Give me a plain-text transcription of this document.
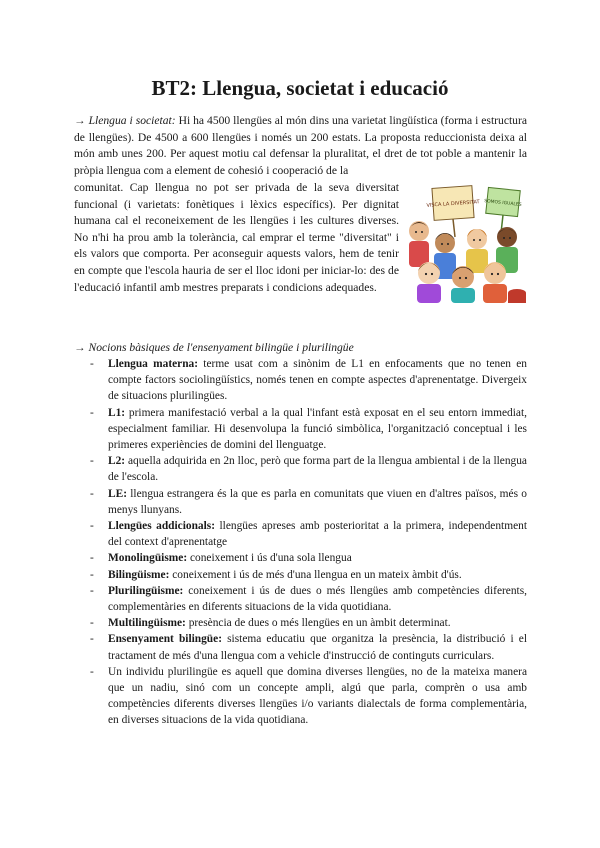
BT2: Llengua, societat i educació

→ Llengua i societat: Hi ha 4500 llengües al món dins una varietat lingüística (forma i estructura de llengües). De 4500 a 600 llengües i només un 200 estats. La proposta reduccionista deixa al món amb unes 200. Per aquest motiu cal defensar la pluralitat, el dret de tot poble a mantenir la pròpia llengua com a element de cohesió i cooperació de la

VISCA LA DIVERSITAT SOMOS IGUALES

comunitat. Cap llengua no pot ser privada de la seva diversitat funcional (i varietats: fonètiques i lèxics específics). Per dignitat humana cal el reconeixement de les llengües i les cultures diverses. No n'hi ha prou amb la tolerància, cal emprar el terme "diversitat" i els valors que comporta. Per aconseguir aquests valors, hem de tenir en compte que l'escola hauria de ser el lloc idoni per iniciar-lo: des de l'educació infantil amb mestres preparats i condicions adequades.

→ Nocions bàsiques de l'ensenyament bilingüe i plurilingüe

- Llengua materna: terme usat com a sinònim de L1 en enfocaments que no tenen en compte factors sociolingüístics, només tenen en compte aspectes d'aprenentatge. Divergeix de situacions plurilingües.
- L1: primera manifestació verbal a la qual l'infant està exposat en el seu entorn immediat, especialment familiar. Hi desenvolupa la funció simbòlica, l'organització conceptual i les primeres experiències de domini del llenguatge.
- L2: aquella adquirida en 2n lloc, però que forma part de la llengua ambiental i de la llengua de l'escola.
- LE: llengua estrangera és la que es parla en comunitats que viuen en d'altres països, més o menys llunyans.
- Llengües addicionals: llengües apreses amb posterioritat a la primera, independentment del context d'aprenentatge
- Monolingüisme: coneixement i ús d'una sola llengua
- Bilingüisme: coneixement i ús de més d'una llengua en un mateix àmbit d'ús.
- Plurilingüisme: coneixement i ús de dues o més llengües amb competències diferents, complementàries en diferents situacions de la vida quotidiana.
- Multilingüisme: presència de dues o més llengües en un àmbit determinat.
- Ensenyament bilingüe: sistema educatiu que organitza la presència, la distribució i el tractament de més d'una llengua com a vehicle d'instrucció de continguts curriculars.
- Un individu plurilingüe es aquell que domina diverses llengües, no de la mateixa manera que un nadiu, sinó com un concepte ampli, algú que parla, comprèn o usa amb competències diferents diverses llengües i/o variants dialectals de forma complementària, en diverses situacions de la vida quotidiana.
